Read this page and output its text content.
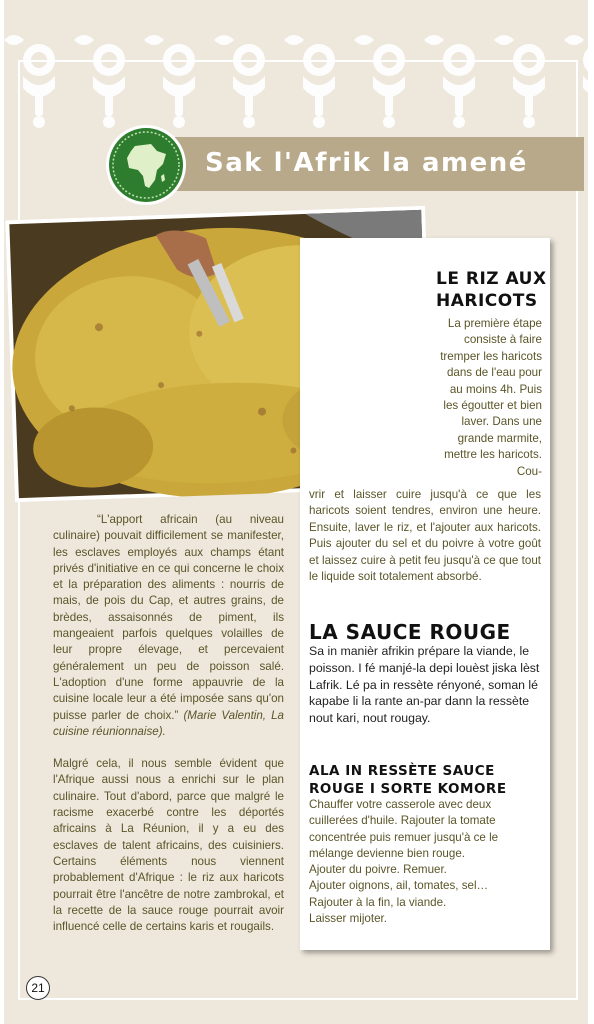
Sak l'Afrik la amené
LE RIZ AUX HARICOTS
La première étape consiste à faire tremper les haricots dans de l'eau pour au moins 4h. Puis les égoutter et bien laver. Dans une grande marmite, mettre les haricots. Cou-
vrir et laisser cuire jusqu'à ce que les haricots soient tendres, environ une heure. Ensuite, laver le riz, et l'ajouter aux haricots. Puis ajouter du sel et du poivre à votre goût et laissez cuire à petit feu jusqu'à ce que tout le liquide soit totalement absorbé.
LA SAUCE ROUGE
Sa in manièr afrikin prépare la viande, le poisson. I fé manjé-la depi louèst jiska lèst Lafrik. Lé pa in ressète rényoné, soman lé kapabe li la rante an-par dann la ressète nout kari, nout rougay.
ALA IN RESSÈTE SAUCE ROUGE I SORTE KOMORE
Chauffer votre casserole avec deux cuillerées d'huile. Rajouter la tomate concentrée puis remuer jusqu'à ce le mélange devienne bien rouge.
Ajouter du poivre. Remuer.
Ajouter oignons, ail, tomates, sel…
Rajouter à la fin, la viande.
Laisser mijoter.

“L'apport africain (au niveau culinaire) pouvait difficilement se manifester, les esclaves employés aux champs étant privés d'initiative en ce qui concerne le choix et la préparation des aliments : nourris de mais, de pois du Cap, et autres grains, de brèdes, assaisonnés de piment, ils mangeaient parfois quelques volailles de leur propre élevage, et percevaient généralement un peu de poisson salé. L'adoption d'une forme appauvrie de la cuisine locale leur a été imposée sans qu'on puisse parler de choix.” (Marie Valentin, La cuisine réunionnaise).

Malgré cela, il nous semble évident que l'Afrique aussi nous a enrichi sur le plan culinaire. Tout d'abord, parce que malgré le racisme exacerbé contre les déportés africains à La Réunion, il y a eu des esclaves de talent africains, des cuisiniers. Certains éléments nous viennent probablement d'Afrique : le riz aux haricots pourrait être l'ancêtre de notre zambrokal, et la recette de la sauce rouge pourrait avoir influencé celle de certains karis et rougails.

21
